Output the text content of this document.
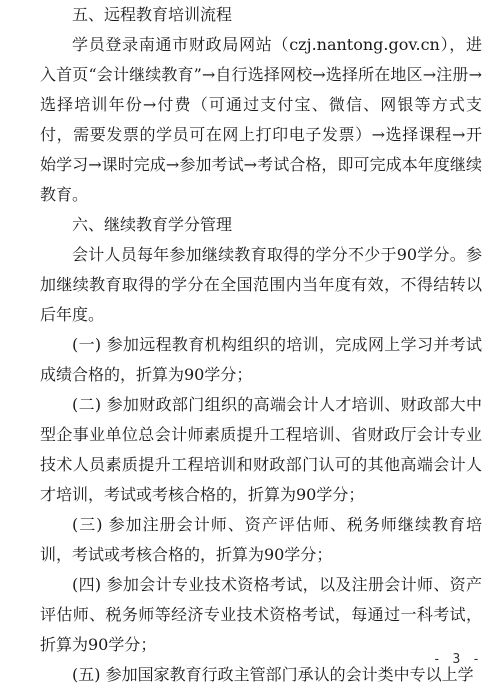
五、远程教育培训流程

学员登录南通市财政局网站（czj.nantong.gov.cn），进入首页“会计继续教育”→自行选择网校→选择所在地区→注册→选择培训年份→付费（可通过支付宝、微信、网银等方式支付，需要发票的学员可在网上打印电子发票）→选择课程→开始学习→课时完成→参加考试→考试合格，即可完成本年度继续教育。

六、继续教育学分管理

会计人员每年参加继续教育取得的学分不少于90学分。参加继续教育取得的学分在全国范围内当年度有效，不得结转以后年度。

(一) 参加远程教育机构组织的培训，完成网上学习并考试成绩合格的，折算为90学分；

(二) 参加财政部门组织的高端会计人才培训、财政部大中型企事业单位总会计师素质提升工程培训、省财政厅会计专业技术人员素质提升工程培训和财政部门认可的其他高端会计人才培训，考试或考核合格的，折算为90学分；

(三) 参加注册会计师、资产评估师、税务师继续教育培训，考试或考核合格的，折算为90学分；

(四) 参加会计专业技术资格考试，以及注册会计师、资产评估师、税务师等经济专业技术资格考试，每通过一科考试，折算为90学分；

(五) 参加国家教育行政主管部门承认的会计类中专以上学

- 3 -
